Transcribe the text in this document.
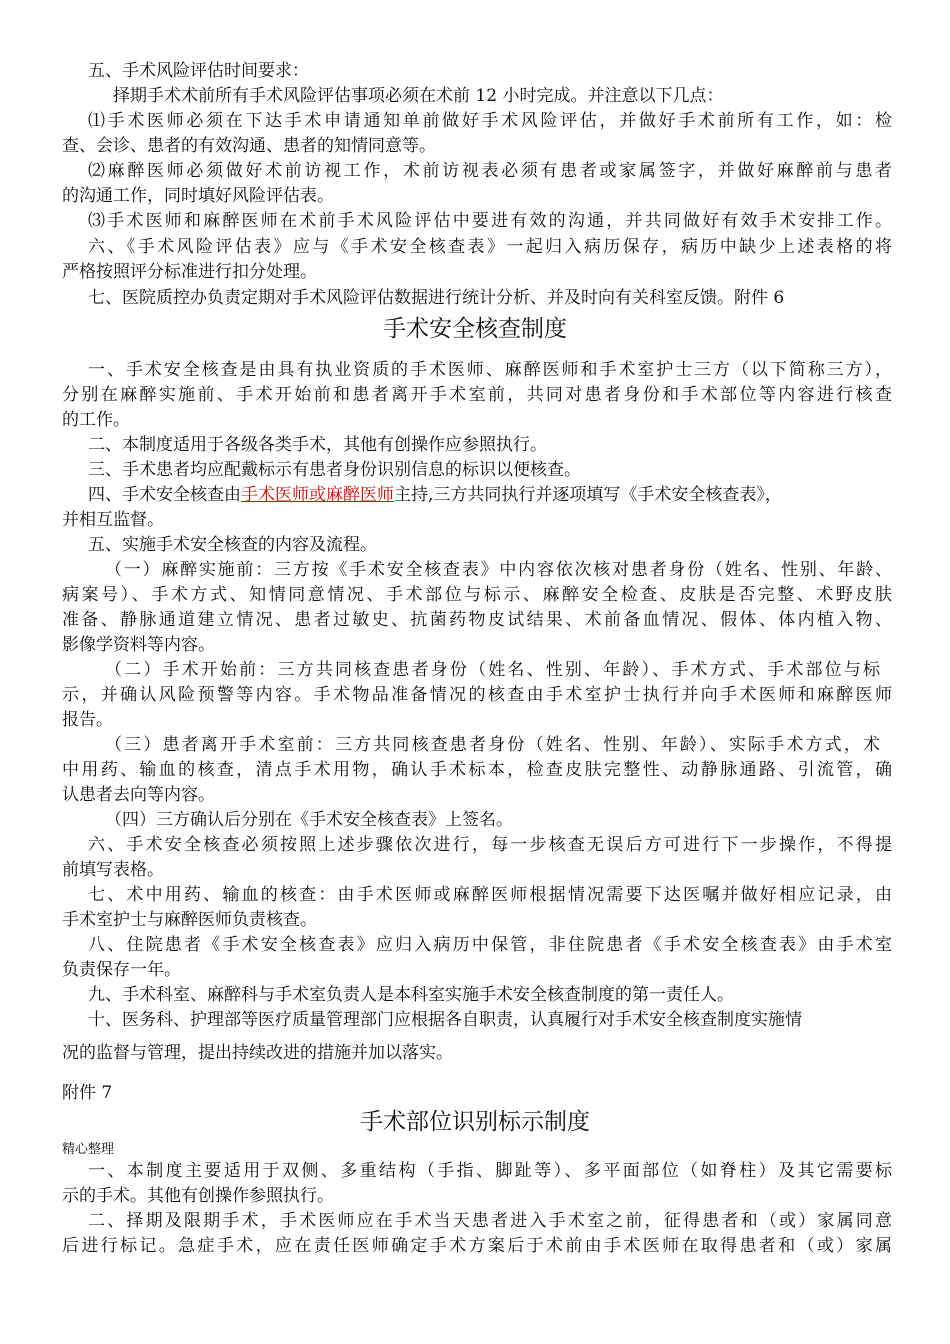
五、手术风险评估时间要求：
择期手术术前所有手术风险评估事项必须在术前 12 小时完成。并注意以下几点：
⑴手术医师必须在下达手术申请通知单前做好手术风险评估，并做好手术前所有工作，如：检
查、会诊、患者的有效沟通、患者的知情同意等。
⑵麻醉医师必须做好术前访视工作，术前访视表必须有患者或家属签字，并做好麻醉前与患者
的沟通工作，同时填好风险评估表。
⑶手术医师和麻醉医师在术前手术风险评估中要进有效的沟通，并共同做好有效手术安排工作。
六、《手术风险评估表》应与《手术安全核查表》一起归入病历保存，病历中缺少上述表格的将
严格按照评分标准进行扣分处理。
七、医院质控办负责定期对手术风险评估数据进行统计分析、并及时向有关科室反馈。附件 6
手术安全核查制度
一、手术安全核查是由具有执业资质的手术医师、麻醉医师和手术室护士三方（以下简称三方），
分别在麻醉实施前、手术开始前和患者离开手术室前，共同对患者身份和手术部位等内容进行核查
的工作。
二、本制度适用于各级各类手术，其他有创操作应参照执行。
三、手术患者均应配戴标示有患者身份识别信息的标识以便核查。
四、手术安全核查由手术医师或麻醉医师主持,三方共同执行并逐项填写《手术安全核查表》，
并相互监督。
五、实施手术安全核查的内容及流程。
（一）麻醉实施前：三方按《手术安全核查表》中内容依次核对患者身份（姓名、性别、年龄、
病案号）、手术方式、知情同意情况、手术部位与标示、麻醉安全检查、皮肤是否完整、术野皮肤
准备、静脉通道建立情况、患者过敏史、抗菌药物皮试结果、术前备血情况、假体、体内植入物、
影像学资料等内容。
（二）手术开始前：三方共同核查患者身份（姓名、性别、年龄）、手术方式、手术部位与标
示，并确认风险预警等内容。手术物品准备情况的核查由手术室护士执行并向手术医师和麻醉医师
报告。
（三）患者离开手术室前：三方共同核查患者身份（姓名、性别、年龄）、实际手术方式，术
中用药、输血的核查，清点手术用物，确认手术标本，检查皮肤完整性、动静脉通路、引流管，确
认患者去向等内容。
（四）三方确认后分别在《手术安全核查表》上签名。
六、手术安全核查必须按照上述步骤依次进行，每一步核查无误后方可进行下一步操作，不得提
前填写表格。
七、术中用药、输血的核查：由手术医师或麻醉医师根据情况需要下达医嘱并做好相应记录，由
手术室护士与麻醉医师负责核查。
八、住院患者《手术安全核查表》应归入病历中保管，非住院患者《手术安全核查表》由手术室
负责保存一年。
九、手术科室、麻醉科与手术室负责人是本科室实施手术安全核查制度的第一责任人。
十、医务科、护理部等医疗质量管理部门应根据各自职责，认真履行对手术安全核查制度实施情
况的监督与管理，提出持续改进的措施并加以落实。
附件 7
手术部位识别标示制度
精心整理
一、本制度主要适用于双侧、多重结构（手指、脚趾等）、多平面部位（如脊柱）及其它需要标
示的手术。其他有创操作参照执行。
二、择期及限期手术，手术医师应在手术当天患者进入手术室之前，征得患者和（或）家属同意
后进行标记。急症手术，应在责任医师确定手术方案后于术前由手术医师在取得患者和（或）家属
